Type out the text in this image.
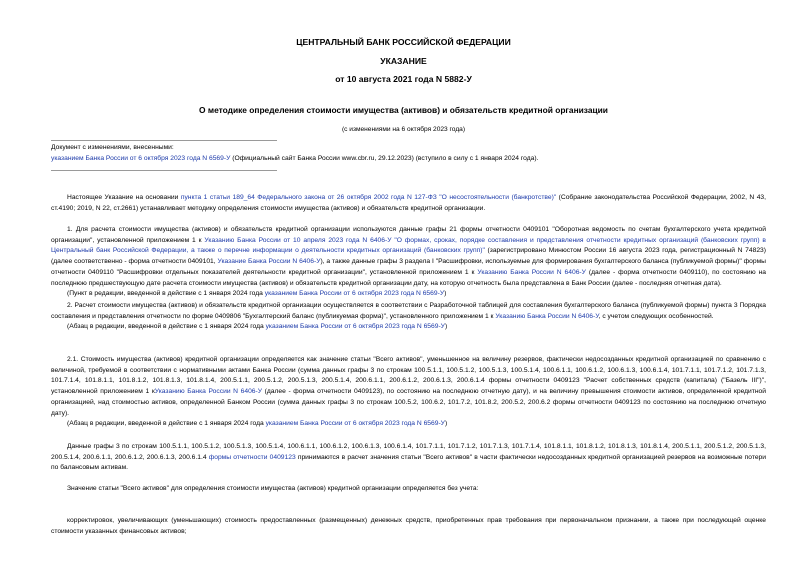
ЦЕНТРАЛЬНЫЙ БАНК РОССИЙСКОЙ ФЕДЕРАЦИИ
УКАЗАНИЕ
от 10 августа 2021 года N 5882-У
О методике определения стоимости имущества (активов) и обязательств кредитной организации
(с изменениями на 6 октября 2023 года)

Документ с изменениями, внесенными:

указанием Банка России от 6 октября 2023 года N 6569-У (Официальный сайт Банка России www.cbr.ru, 29.12.2023) (вступило в силу с 1 января 2024 года).

Настоящее Указание на основании пункта 1 статьи 189_64 Федерального закона от 26 октября 2002 года N 127-ФЗ "О несостоятельности (банкротстве)" (Собрание законодательства Российской Федерации, 2002, N 43, ст.4190; 2019, N 22, ст.2661) устанавливает методику определения стоимости имущества (активов) и обязательств кредитной организации.

1. Для расчета стоимости имущества (активов) и обязательств кредитной организации используются данные графы 21 формы отчетности 0409101 "Оборотная ведомость по счетам бухгалтерского учета кредитной организации", установленной приложением 1 к Указанию Банка России от 10 апреля 2023 года N 6406-У "О формах, сроках, порядке составления и представления отчетности кредитных организаций (банковских групп) в Центральный банк Российской Федерации, а также о перечне информации о деятельности кредитных организаций (банковских групп)" (зарегистрировано Минюстом России 16 августа 2023 года, регистрационный N 74823) (далее соответственно - форма отчетности 0409101, Указание Банка России N 6406-У), а также данные графы 3 раздела I "Расшифровки, используемые для формирования бухгалтерского баланса (публикуемой формы)" формы отчетности 0409110 "Расшифровки отдельных показателей деятельности кредитной организации", установленной приложением 1 к Указанию Банка России N 6406-У (далее - форма отчетности 0409110), по состоянию на последнюю предшествующую дате расчета стоимости имущества (активов) и обязательств кредитной организации дату, на которую отчетность была представлена в Банк России (далее - последняя отчетная дата).

(Пункт в редакции, введенной в действие с 1 января 2024 года указанием Банка России от 6 октября 2023 года N 6569-У)

2. Расчет стоимости имущества (активов) и обязательств кредитной организации осуществляется в соответствии с Разработочной таблицей для составления бухгалтерского баланса (публикуемой формы) пункта 3 Порядка составления и представления отчетности по форме 0409806 "Бухгалтерский баланс (публикуемая форма)", установленного приложением 1 к Указанию Банка России N 6406-У, с учетом следующих особенностей.

(Абзац в редакции, введенной в действие с 1 января 2024 года указанием Банка России от 6 октября 2023 года N 6569-У)

2.1. Стоимость имущества (активов) кредитной организации определяется как значение статьи "Всего активов", уменьшенное на величину резервов, фактически недосозданных кредитной организацией по сравнению с величиной, требуемой в соответствии с нормативными актами Банка России (сумма данных графы 3 по строкам 100.5.1.1, 100.5.1.2, 100.5.1.3, 100.5.1.4, 100.6.1.1, 100.6.1.2, 100.6.1.3, 100.6.1.4, 101.7.1.1, 101.7.1.2, 101.7.1.3, 101.7.1.4, 101.8.1.1, 101.8.1.2, 101.8.1.3, 101.8.1.4, 200.5.1.1, 200.5.1.2, 200.5.1.3, 200.5.1.4, 200.6.1.1, 200.6.1.2, 200.6.1.3, 200.6.1.4 формы отчетности 0409123 "Расчет собственных средств (капитала) ("Базель III")", установленной приложением 1 кУказанию Банка России N 6406-У (далее - форма отчетности 0409123), по состоянию на последнюю отчетную дату), и на величину превышения стоимости активов, определенной кредитной организацией, над стоимостью активов, определенной Банком России (сумма данных графы 3 по строкам 100.5.2, 100.6.2, 101.7.2, 101.8.2, 200.5.2, 200.6.2 формы отчетности 0409123 по состоянию на последнюю отчетную дату).

(Абзац в редакции, введенной в действие с 1 января 2024 года указанием Банка России от 6 октября 2023 года N 6569-У)

Данные графы 3 по строкам 100.5.1.1, 100.5.1.2, 100.5.1.3, 100.5.1.4, 100.6.1.1, 100.6.1.2, 100.6.1.3, 100.6.1.4, 101.7.1.1, 101.7.1.2, 101.7.1.3, 101.7.1.4, 101.8.1.1, 101.8.1.2, 101.8.1.3, 101.8.1.4, 200.5.1.1, 200.5.1.2, 200.5.1.3, 200.5.1.4, 200.6.1.1, 200.6.1.2, 200.6.1.3, 200.6.1.4 формы отчетности 0409123 принимаются в расчет значения статьи "Всего активов" в части фактически недосозданных кредитной организацией резервов на возможные потери по балансовым активам.

Значение статьи "Всего активов" для определения стоимости имущества (активов) кредитной организации определяется без учета:

корректировок, увеличивающих (уменьшающих) стоимость предоставленных (размещенных) денежных средств, приобретенных прав требования при первоначальном признании, а также при последующей оценке стоимости указанных финансовых активов;
